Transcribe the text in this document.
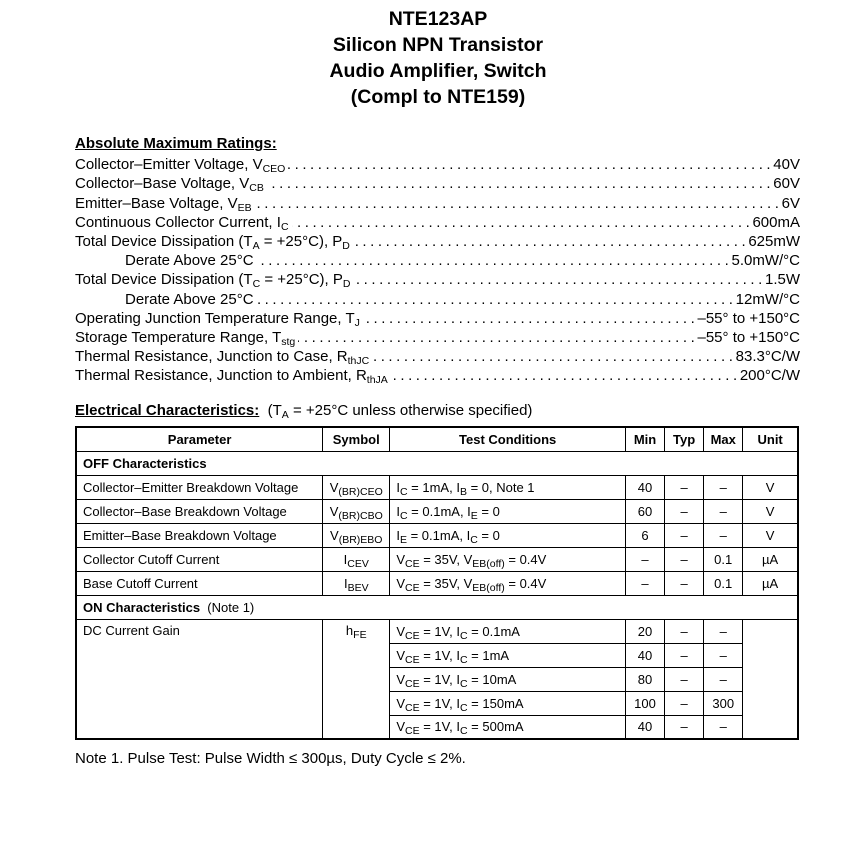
NTE123AP
Silicon NPN Transistor
Audio Amplifier, Switch
(Compl to NTE159)
Absolute Maximum Ratings:
Collector–Emitter Voltage, $V_{CEO}$ . . .	40V
Collector–Base Voltage, $V_{CB}$ . . .	60V
Emitter–Base Voltage, $V_{EB}$ . . .	6V
Continuous Collector Current, $I_C$ . . .	600mA
Total Device Dissipation $(T_A = +25^\circ C)$, $P_D$ . . .	625mW
Derate Above 25°C . . .	5.0mW/°C
Total Device Dissipation $(T_C = +25^\circ C)$, $P_D$ . . .	1.5W
Derate Above 25°C . . .	12mW/°C
Operating Junction Temperature Range, $T_J$ . . .	–55° to +150°C
Storage Temperature Range, $T_{stg}$ . . .	–55° to +150°C
Thermal Resistance, Junction to Case, $R_{thJC}$ . . .	83.3°C/W
Thermal Resistance, Junction to Ambient, $R_{thJA}$ . . .	200°C/W
Electrical Characteristics: ($T_A = +25^\circ C$ unless otherwise specified)
Parameter	Symbol	Test Conditions	Min	Typ	Max	Unit
OFF Characteristics						
Collector–Emitter Breakdown Voltage	$V_{(BR)CEO}$	$I_C = 1mA$, $I_B = 0$, Note 1	40	–	–	V
Collector–Base Breakdown Voltage	$V_{(BR)CBO}$	$I_C = 0.1mA$, $I_E = 0$	60	–	–	V
Emitter–Base Breakdown Voltage	$V_{(BR)EBO}$	$I_E = 0.1mA$, $I_C = 0$	6	–	–	V
Collector Cutoff Current	$I_{CEV}$	$V_{CE} = 35V$, $V_{EB(off)} = 0.4V$	–	–	0.1	µA
Base Cutoff Current	$I_{BEV}$	$V_{CE} = 35V$, $V_{EB(off)} = 0.4V$	–	–	0.1	µA
ON Characteristics (Note 1)						
DC Current Gain	$h_{FE}$	$V_{CE} = 1V$, $I_C = 0.1mA$	20	–	–	
		$V_{CE} = 1V$, $I_C = 1mA$	40	–	–	
		$V_{CE} = 1V$, $I_C = 10mA$	80	–	–	
		$V_{CE} = 1V$, $I_C = 150mA$	100	–	300	
		$V_{CE} = 1V$, $I_C = 500mA$	40	–	–	
Note 1. Pulse Test: Pulse Width ≤ 300µs, Duty Cycle ≤ 2%.
